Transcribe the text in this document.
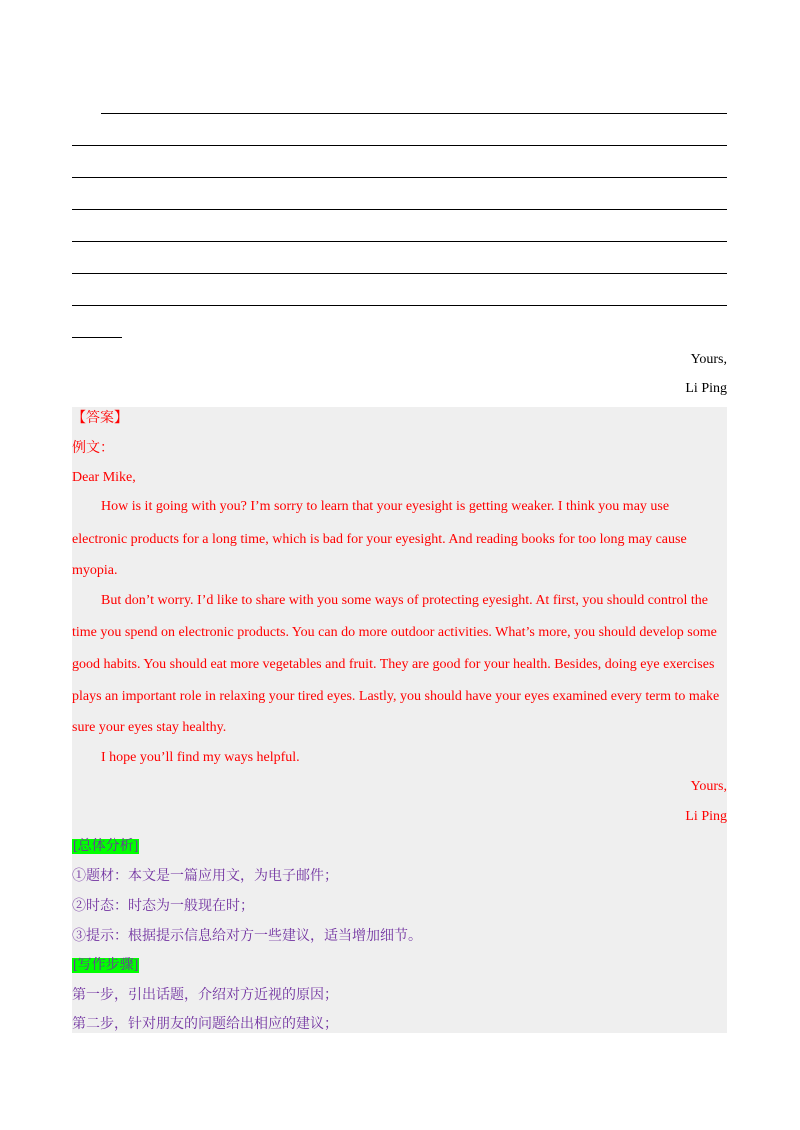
Yours,
Li Ping
【答案】
例文：
Dear Mike,
How is it going with you? I’m sorry to learn that your eyesight is getting weaker. I think you may use
electronic products for a long time, which is bad for your eyesight. And reading books for too long may cause
myopia.
But don’t worry. I’d like to share with you some ways of protecting eyesight. At first, you should control the
time you spend on electronic products. You can do more outdoor activities. What’s more, you should develop some
good habits. You should eat more vegetables and fruit. They are good for your health. Besides, doing eye exercises
plays an important role in relaxing your tired eyes. Lastly, you should have your eyes examined every term to make
sure your eyes stay healthy.
I hope you’ll find my ways helpful.
Yours,
Li Ping
[总体分析]
①题材：本文是一篇应用文，为电子邮件；
②时态：时态为一般现在时；
③提示：根据提示信息给对方一些建议，适当增加细节。
[写作步骤]
第一步，引出话题，介绍对方近视的原因；
第二步，针对朋友的问题给出相应的建议；
